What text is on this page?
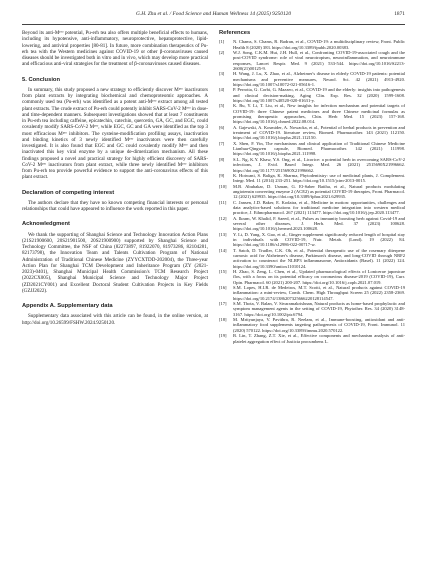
G.H. Zhu et al. / Food Science and Human Wellness 14 (2025) 9250120	1871

Beyond its anti-Mᵖʳᵒ potential, Pu-erh tea also offers multiple beneficial effects to humans, including its hypotensive, anti-inflammatory, neuroprotective, hepatoprotective, lipid-lowering, and antiviral properties [80-81]. In future, more combination therapeutics of Pu-erh tea with the Western medicines against COVID-19 or other β-coronaviruses caused diseases should be investigated both in vitro and in vivo, which may develop more practical and efficacious anti-viral strategies for the treatment of β-coronaviruses caused diseases.

5. Conclusion

In summary, this study proposed a new strategy to efficiently discover Mᵖʳᵒ inactivators from plant extracts by integrating biochemical and chemoproteomic approaches. A commonly used tea (Pu-erh) was identified as a potent anti-Mᵖʳᵒ extract among all tested plant extracts. The crude extract of Pu-erh could potently inhibit SARS-CoV-2 Mᵖʳᵒ in dose- and time-dependent manners. Subsequent investigations showed that at least 7 constituents in Pu-erh tea including caffeine, epicatechin, catechin, quercetin, GA, GC, and EGC, could covalently modify SARS-CoV-2 Mᵖʳᵒ, while EGC, GC and GA were identified as the top 3 most efficacious Mᵖʳᵒ inhibitors. The cysteine-modification profiling assays, inactivation and binding kinetics of 3 newly identified Mᵖʳᵒ inactivators were then carefully investigated. It is also found that EGC and GC could covalently modify Mᵖʳᵒ and then inactivated this key viral enzyme by a unique de-dimerization mechanism. All these findings proposed a novel and practical strategy for highly efficient discovery of SARS-CoV-2 Mᵖʳᵒ inactivators from plant extract, while three newly identified Mᵖʳᵒ inhibitors from Pu-erh tea provide powerful evidence to support the anti-coronavirus effects of this plant extract.

Declaration of competing interest

The authors declare that they have no known competing financial interests or personal relationships that could have appeared to influence the work reported in this paper.

Acknowledgment

We thank the supporting of Shanghai Science and Technology Innovation Action Plans (21S21900600, 20S21901500, 20S21900900) supported by Shanghai Science and Technology Committee, the NSF of China (82273897, 81922070, 81973286, 82104281, 82173798), the Innovation Team and Talents Cultivation Program of National Administration of Traditional Chinese Medicine (ZYYCXTDD-202004), the Three-year Action Plan for Shanghai TCM Development and Inheritance Program (ZY (2021-2023)-0401), Shanghai Municipal Health Commission's TCM Research Project (2022CX005), Shanghai Municipal Science and Technology Major Project (ZD2021CY001) and Excellent Doctoral Student Cultivation Projects in Key Fields (GZJJ2022).

Appendix A. Supplementary data

Supplementary data associated with this article can be found, in the online version, at http://doi.org/10.26599/FSHW.2024.9250120.

References
[1] N. Chams, S. Chams, R. Badran, et al., COVID-19: a multidisciplinary review, Front. Public Health 8 (2020) 383. https://doi.org/10.3389/fpubh.2020.00383.
[2] W.J. Song, C.K.M. Hui, J.H. Hull, et al., Confronting COVID-19-associated cough and the post-COVID syndrome: role of viral neurotropism, neuroinflammation, and neuroimmune responses, Lancet Respir. Med. 9 (2021) 533-544. https://doi.org/10.1016/S2213-2600(21)00125-9.
[3] H. Wang, J. Lu, X. Zhao, et al., Alzheimer's disease in elderly COVID-19 patients: potential mechanisms and preventive measures, Neurol. Sci. 42 (2021) 4913-4920. https://doi.org/10.1007/s10072-021-05616-1.
[4] P. Perrotta, G. Corbi, G. Mazzeo, et al., COVID-19 and the elderly: insights into pathogenesis and clinical decision-making, Aging Clin. Exp. Res. 32 (2020) 1599-1608. https://doi.org/10.1007/s40520-020-01631-y.
[5] K. Bu, Y. Li, T. Liu, et al., New insights for infection mechanism and potential targets of COVID-19: three Chinese patent medicines and three Chinese medicinal formulas as promising therapeutic approaches, Chin. Herb Med. 15 (2023) 157-168. https://doi.org/10.1016/j.chmed.2022.08.014.
[6] A. Gajewski, A. Kosmider, A. Nowacka, et al., Potential of herbal products in prevention and treatment of COVID-19. literature review, Biomed. Pharmacother. 143 (2021) 112150. https://doi.org/10.1016/j.biopha.2021.112150.
[7] X. Shen, F. Yin, The mechanisms and clinical application of Traditional Chinese Medicine Lianhua-Qingwen capsule, Biomed. Pharmacother. 142 (2021) 111998. https://doi.org/10.1016/j.biopha.2021.111998.
[8] S.L. Ng, K.Y. Khaw, Y.S. Ong, et al., Licorice: a potential herb in overcoming SARS-CoV-2 infections, J. Evid. Based Integr. Med. 26 (2021) 2515690X21996662. https://doi.org/10.1177/2515690X21996662.
[9] K. Hotwani, S. Baliga, K. Sharma, Phytodentistry: use of medicinal plants, J. Complement. Integr. Med. 11 (2014) 233-251. https://doi.org/10.1515/jcim-2013-0015.
[10] M.B. Abubakar, D. Usman, G. El-Saber Batiha, et al., Natural products modulating angiotensin converting enzyme 2 (ACE2) as potential COVID-19 therapies, Front. Pharmacol. 12 (2021) 629935. https://doi.org/10.3389/fphar.2021.629935.
[11] C. Jansen, J.D. Baker, E. Kodaira, et al., Medicine in motion: opportunities, challenges and data analytics-based solutions for traditional medicine integration into western medical practice, J. Ethnopharmacol. 267 (2021) 113477. https://doi.org/10.1016/j.jep.2020.113477.
[12] A. Ikram, W. Khalid, F. Saeed, et al., Pulses as immunity boosting herb against Covid-19 and several other diseases, J. Herb. Med. 37 (2023) 100628. https://doi.org/10.1016/j.hermed.2023.100628.
[13] Y. Li, D. Yang, X. Gao, et al., Ginger supplement significantly reduced length of hospital stay in individuals with COVID-19, Nutr. Metab. (Lond). 19 (2022) 84. https://doi.org/10.1186/s12986-022-00717-w.
[14] T. Satoh, D. Trudler, C.K. Oh, et al., Potential therapeutic use of the rosemary diterpene carnosic acid for Alzheimer's disease, Parkinson's disease, and long-COVID through NRF2 activation to counteract the NLRP3 inflammasome, Antioxidants (Basel). 11 (2022) 124. https://doi.org/10.3390/antiox11010124.
[15] H. Zhao, S. Zeng, L. Chen, et al., Updated pharmacological effects of Lonicerae japonicae flos, with a focus on its potential efficacy on coronavirus disease-2019 (COVID-19), Curr. Opin. Pharmacol. 60 (2021) 200-207. https://doi.org/10.1016/j.coph.2021.07.019.
[16] S.M. Lopes, H.I.R. de Medeiros, M.T. Scotti, et al., Natural products against COVID-19 inflammation: a mini-review, Comb. Chem. High Throughput Screen 25 (2022) 2358-2369. https://doi.org/10.2174/1386207325666220128114547.
[17] S.M. Thota, V. Balan, V. Sivaramakrishnan, Natural products as home-based prophylactic and symptom management agents in the setting of COVID-19, Phytother. Res. 34 (2020) 3148-3167. https://doi.org/10.1002/ptr.6794.
[18] M. Mrityunjaya, V. Pavithra, R. Neelam, et al., Immune-boosting, antioxidant and anti-inflammatory food supplements targeting pathogenesis of COVID-19, Front. Immunol. 11 (2020) 570122. https://doi.org/10.3389/fimmu.2020.570122.
[19] B. Lin, T. Zhang, Z.T. Xie, et al., Effective components and mechanism analysis of anti-platelet aggregation effect of Justicia procumbens L.
